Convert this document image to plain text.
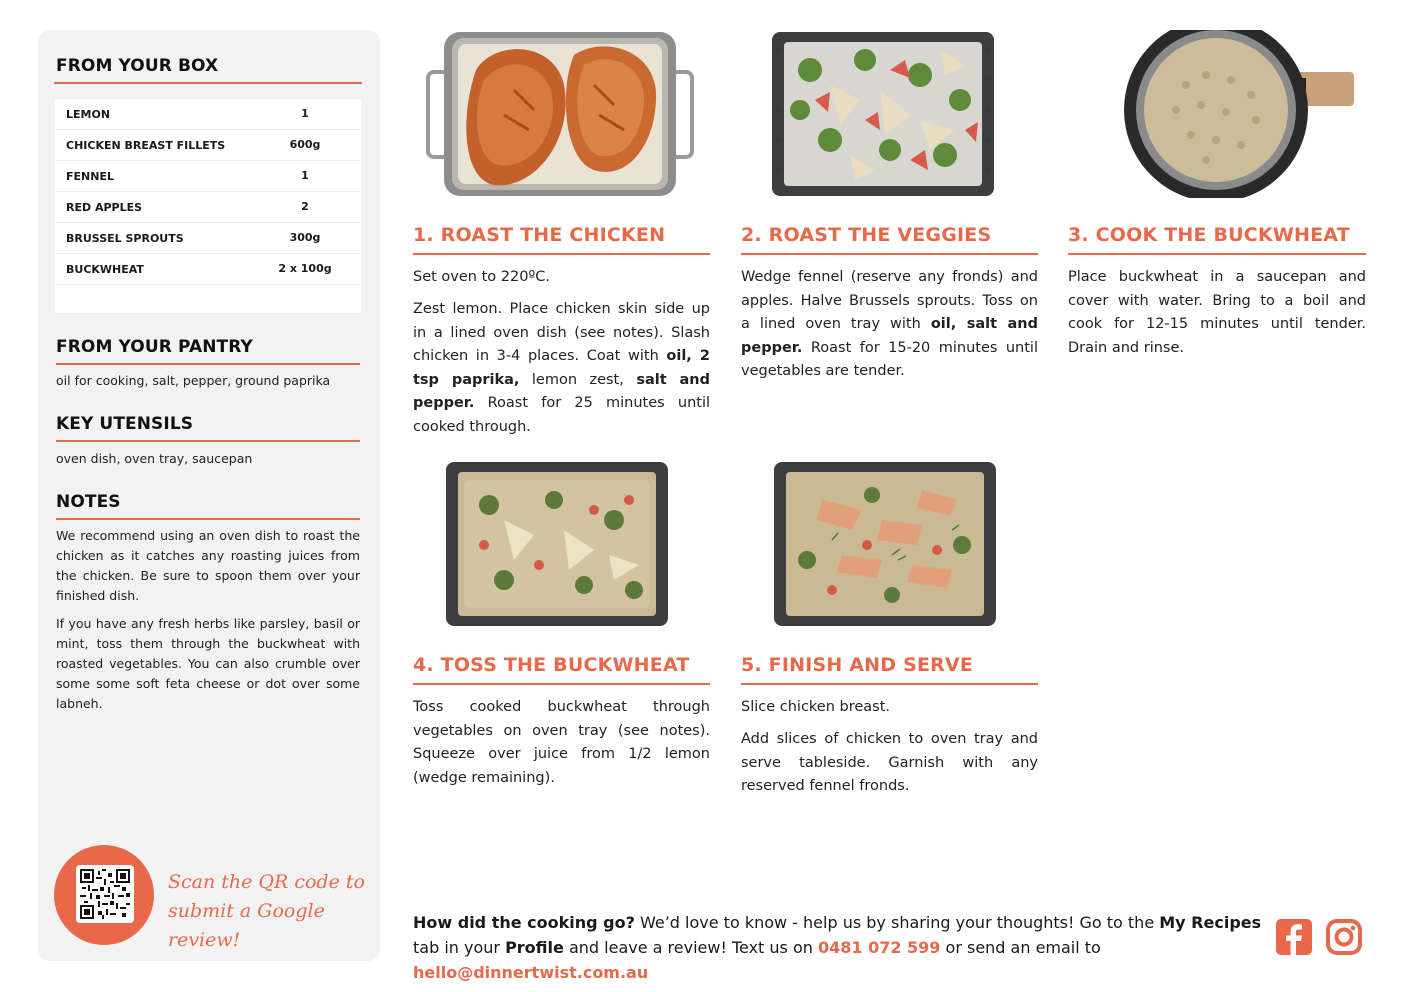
FROM YOUR BOX
LEMON	1
CHICKEN BREAST FILLETS	600g
FENNEL	1
RED APPLES	2
BRUSSEL SPROUTS	300g
BUCKWHEAT	2 x 100g
FROM YOUR PANTRY
oil for cooking, salt, pepper, ground paprika
KEY UTENSILS
oven dish, oven tray, saucepan
NOTES
We recommend using an oven dish to roast the chicken as it catches any roasting juices from the chicken. Be sure to spoon them over your finished dish.
If you have any fresh herbs like parsley, basil or mint, toss them through the buckwheat with roasted vegetables. You can also crumble over some some soft feta cheese or dot over some labneh.
Scan the QR code to
submit a Google review!
1. ROAST THE CHICKEN
Set oven to 220ºC.
Zest lemon. Place chicken skin side up in a lined oven dish (see notes). Slash chicken in 3-4 places. Coat with oil, 2 tsp paprika, lemon zest, salt and pepper. Roast for 25 minutes until cooked through.
2. ROAST THE VEGGIES
Wedge fennel (reserve any fronds) and apples. Halve Brussels sprouts. Toss on a lined oven tray with oil, salt and pepper. Roast for 15-20 minutes until vegetables are tender.
3. COOK THE BUCKWHEAT
Place buckwheat in a saucepan and cover with water. Bring to a boil and cook for 12-15 minutes until tender. Drain and rinse.
4. TOSS THE BUCKWHEAT
Toss cooked buckwheat through vegetables on oven tray (see notes). Squeeze over juice from 1/2 lemon (wedge remaining).
5. FINISH AND SERVE
Slice chicken breast.
Add slices of chicken to oven tray and serve tableside. Garnish with any reserved fennel fronds.
How did the cooking go? We’d love to know - help us by sharing your thoughts! Go to the My Recipes tab in your Profile and leave a review! Text us on 0481 072 599 or send an email to hello@dinnertwist.com.au
